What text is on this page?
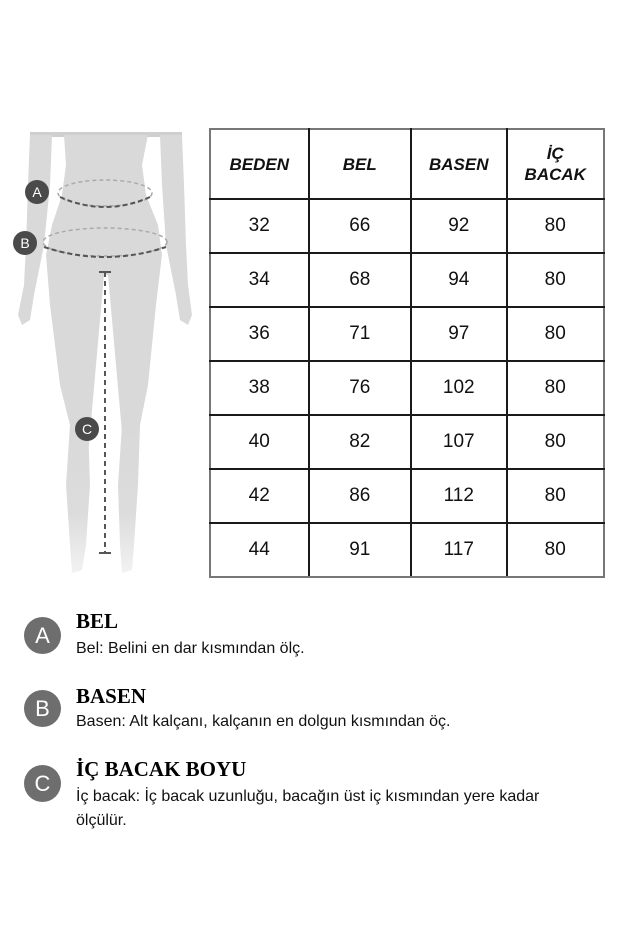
A
B
C
BEDEN	BEL	BASEN	İÇ
BACAK
32	66	92	80
34	68	94	80
36	71	97	80
38	76	102	80
40	82	107	80
42	86	112	80
44	91	117	80
A
BEL
Bel: Belini en dar kısmından ölç.
B	BASEN
Basen: Alt kalçanı, kalçanın en dolgun kısmından öç.
C
İÇ BACAK BOYU
İç bacak: İç bacak uzunluğu, bacağın üst iç kısmından yere kadar ölçülür.
